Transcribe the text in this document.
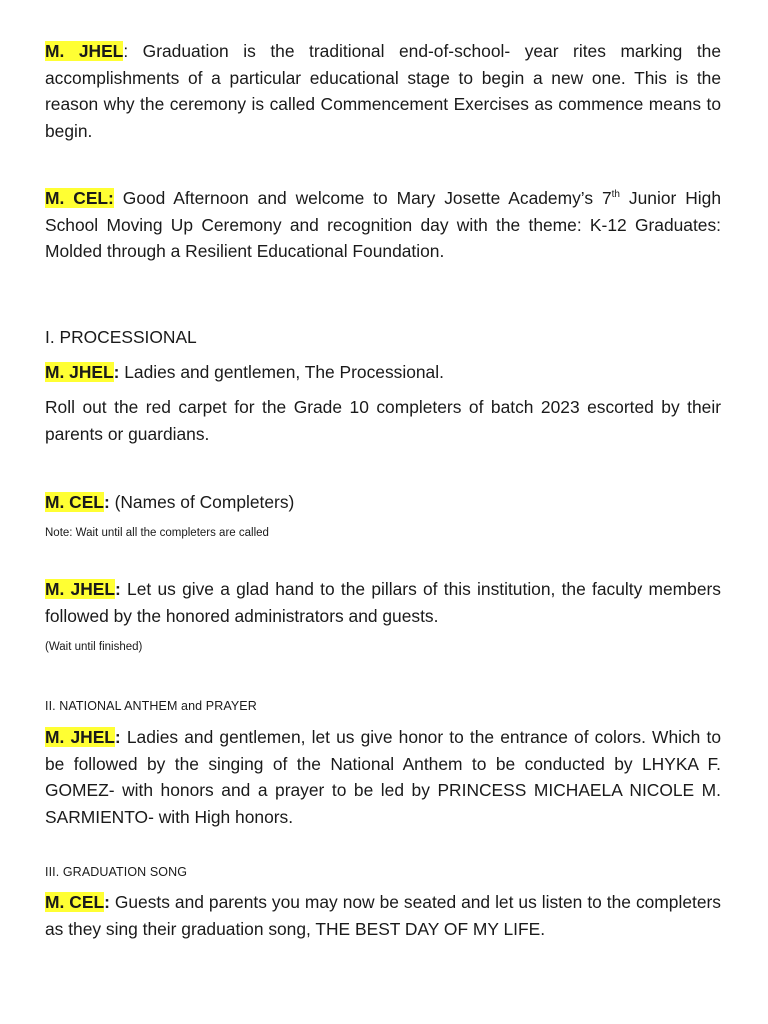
M. JHEL: Graduation is the traditional end-of-school- year rites marking the accomplishments of a particular educational stage to begin a new one. This is the reason why the ceremony is called Commencement Exercises as commence means to begin.

M. CEL: Good Afternoon and welcome to Mary Josette Academy’s 7th Junior High School Moving Up Ceremony and recognition day with the theme: K-12 Graduates: Molded through a Resilient Educational Foundation.

I. PROCESSIONAL

M. JHEL: Ladies and gentlemen, The Processional.

Roll out the red carpet for the Grade 10 completers of batch 2023 escorted by their parents or guardians.

M. CEL: (Names of Completers)

Note: Wait until all the completers are called

M. JHEL: Let us give a glad hand to the pillars of this institution, the faculty members followed by the honored administrators and guests.

(Wait until finished)

II. NATIONAL ANTHEM and PRAYER

M. JHEL: Ladies and gentlemen, let us give honor to the entrance of colors. Which to be followed by the singing of the National Anthem to be conducted by LHYKA F. GOMEZ- with honors and a prayer to be led by PRINCESS MICHAELA NICOLE M. SARMIENTO- with High honors.

III. GRADUATION SONG

M. CEL: Guests and parents you may now be seated and let us listen to the completers as they sing their graduation song, THE BEST DAY OF MY LIFE.
